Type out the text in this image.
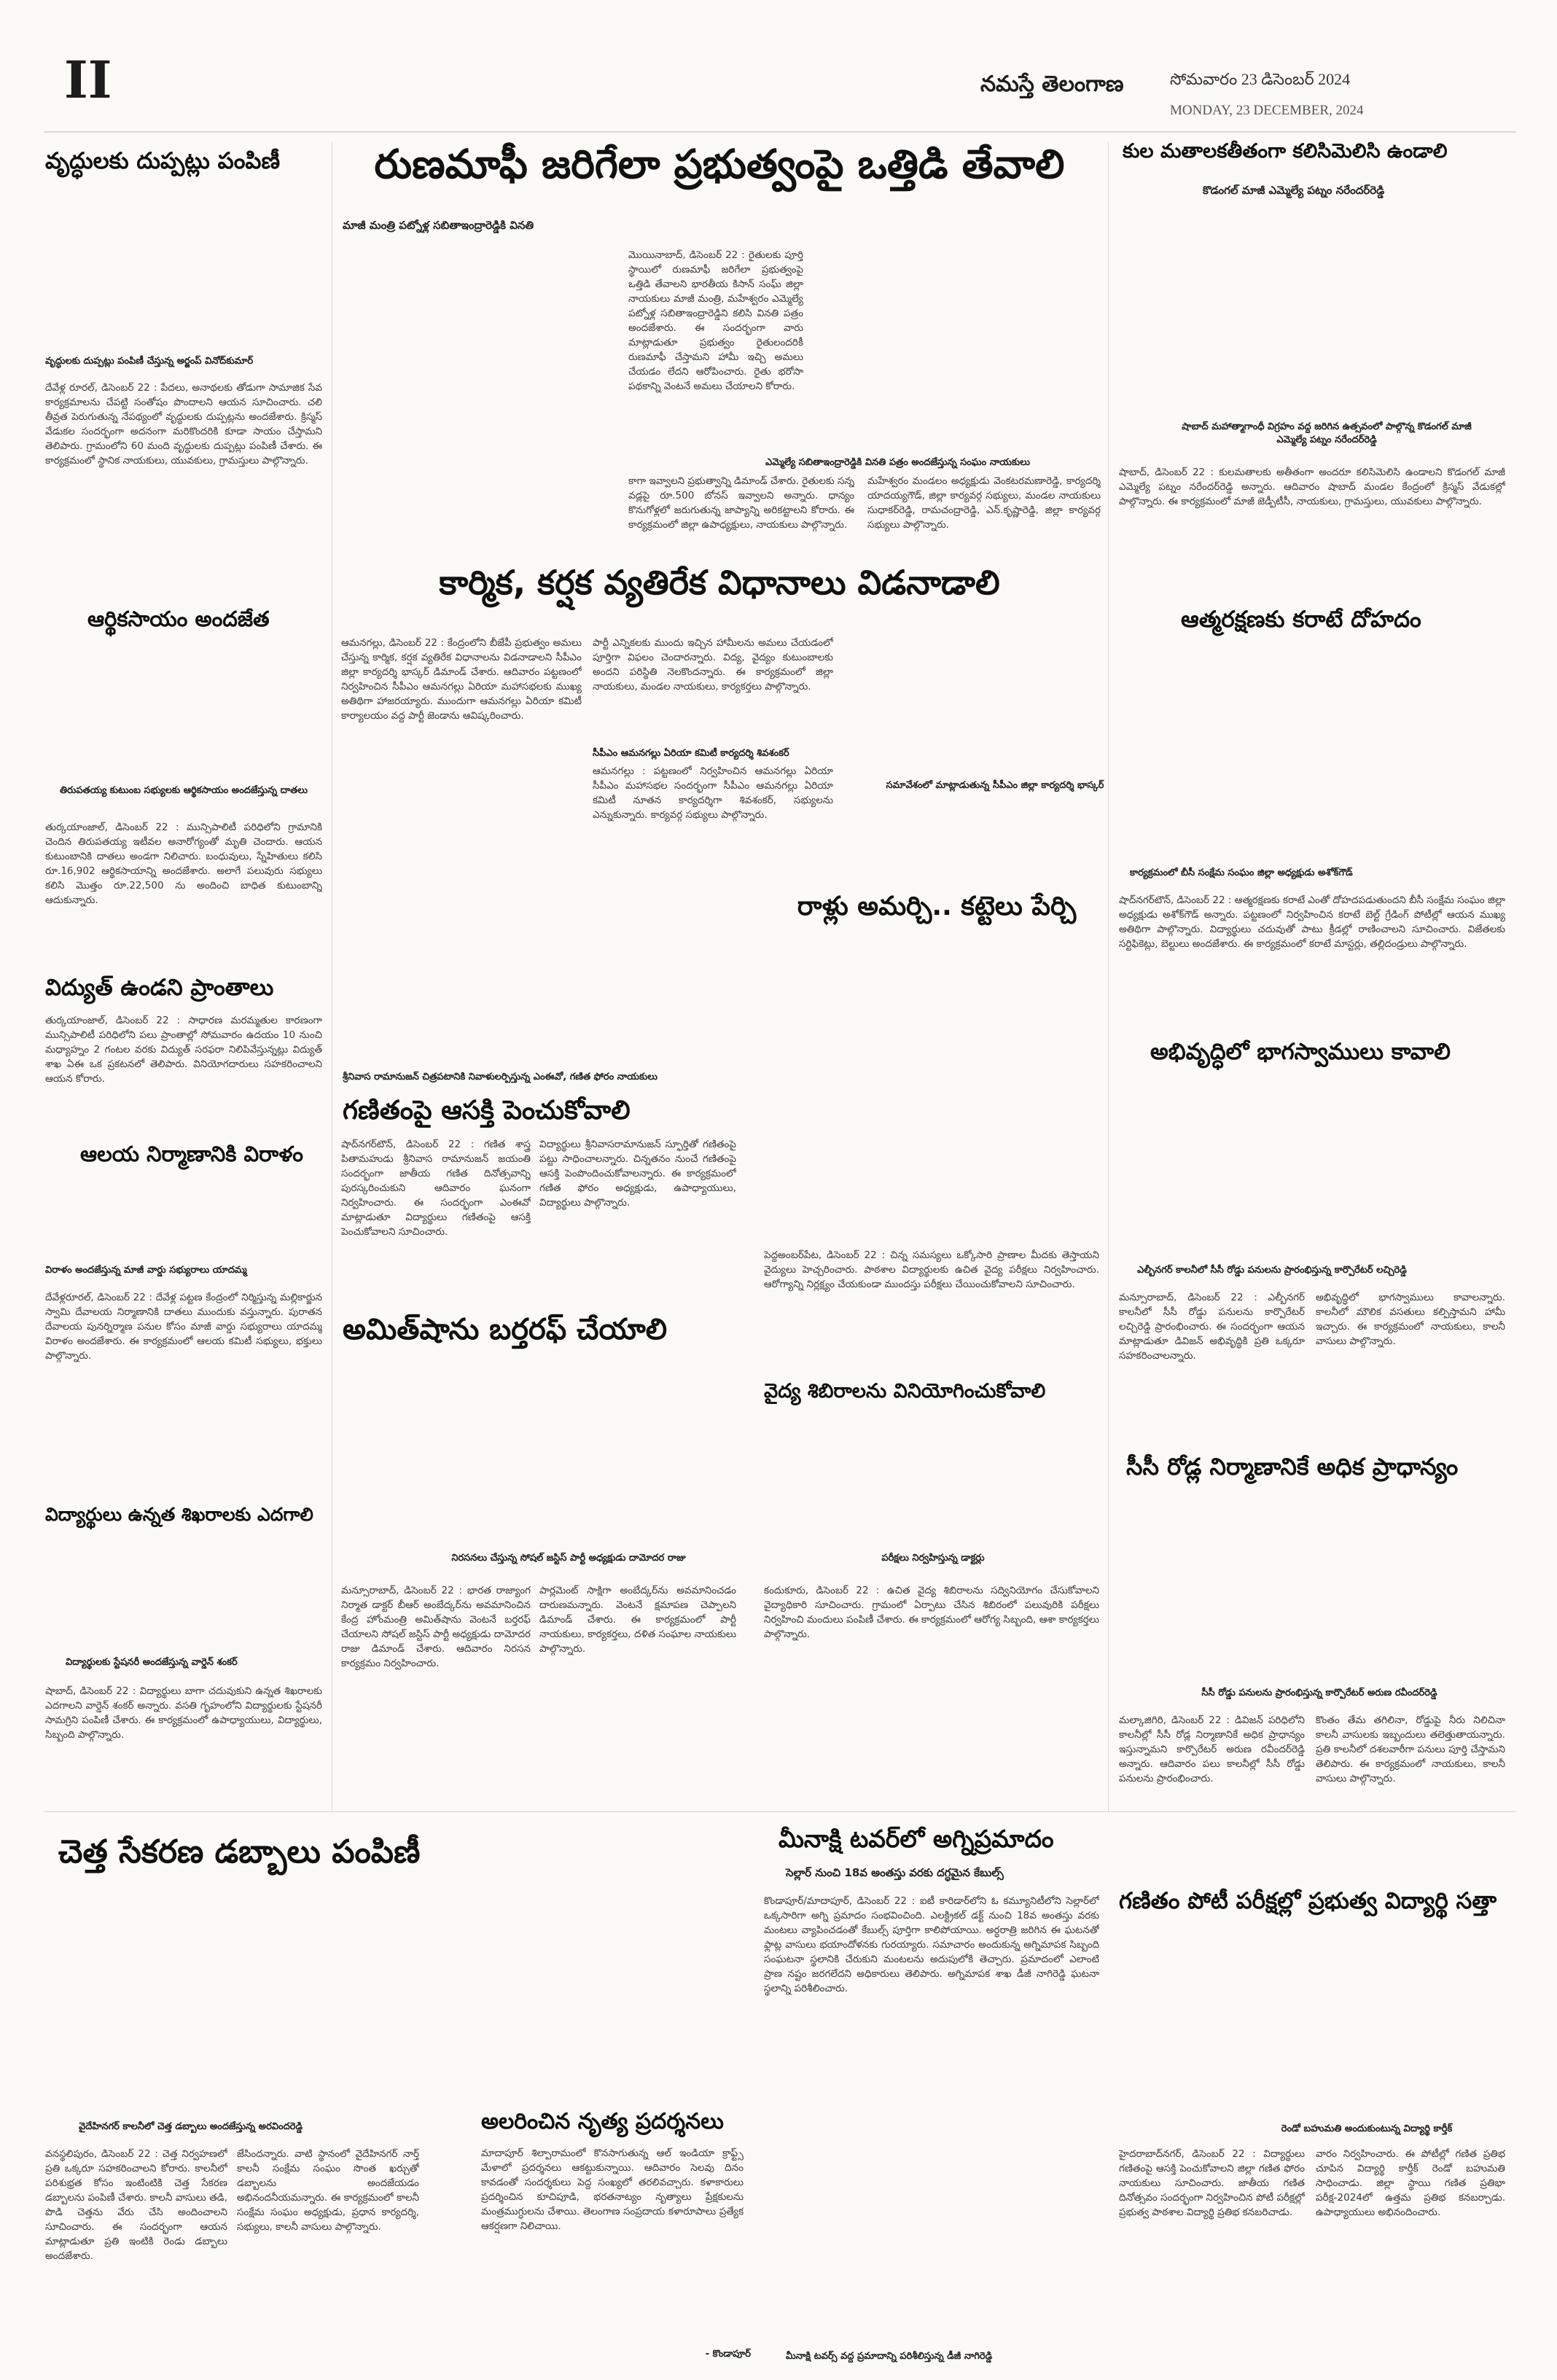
II	నమస్తే తెలంగాణ	సోమవారం 23 డిసెంబర్ 2024
MONDAY, 23 DECEMBER, 2024
వృద్ధులకు దుప్పట్లు పంపిణీ
వృద్ధులకు దుప్పట్లు పంపిణీ చేస్తున్న అర్జంప్ వినోద్‌కుమార్
దేవేళ్ల రూరల్, డిసెంబర్ 22 : పేదలు, అనాథలకు తోడుగా సామాజిక సేవ కార్యక్రమాలను చేపట్టి సంతోషం పొందాలని ఆయన సూచించారు. చలి తీవ్రత పెరుగుతున్న నేపథ్యంలో వృద్ధులకు దుప్పట్లను అందజేశారు. క్రిస్మస్ వేడుకల సందర్భంగా అదనంగా మరికొందరికి కూడా సాయం చేస్తామని తెలిపారు. గ్రామంలోని 60 మంది వృద్ధులకు దుప్పట్లు పంపిణీ చేశారు. ఈ కార్యక్రమంలో స్థానిక నాయకులు, యువకులు, గ్రామస్తులు పాల్గొన్నారు.
ఆర్థికసాయం అందజేత
తిరుపతయ్య కుటుంబ సభ్యులకు ఆర్థికసాయం అందజేస్తున్న దాతలు
తుర్కయాంజాల్, డిసెంబర్ 22 : మున్సిపాలిటీ పరిధిలోని గ్రామానికి చెందిన తిరుపతయ్య ఇటీవల అనారోగ్యంతో మృతి చెందారు. ఆయన కుటుంబానికి దాతలు అండగా నిలిచారు. బంధువులు, స్నేహితులు కలిసి రూ.16,902 ఆర్థికసాయాన్ని అందజేశారు. అలాగే పలువురు సభ్యులు కలిసి మొత్తం రూ.22,500 ను అందించి బాధిత కుటుంబాన్ని ఆదుకున్నారు.
విద్యుత్ ఉండని ప్రాంతాలు
తుర్కయాంజాల్, డిసెంబర్ 22 : సాధారణ మరమ్మతుల కారణంగా మున్సిపాలిటీ పరిధిలోని పలు ప్రాంతాల్లో సోమవారం ఉదయం 10 నుంచి మధ్యాహ్నం 2 గంటల వరకు విద్యుత్ సరఫరా నిలిపివేస్తున్నట్లు విద్యుత్ శాఖ ఏఈ ఒక ప్రకటనలో తెలిపారు. వినియోగదారులు సహకరించాలని ఆయన కోరారు.
ఆలయ నిర్మాణానికి విరాళం
విరాళం అందజేస్తున్న మాజీ వార్డు సభ్యురాలు యాదమ్మ
దేవేళ్లరూరల్, డిసెంబర్ 22 : దేవేళ్ల పట్టణ కేంద్రంలో నిర్మిస్తున్న మల్లికార్జున స్వామి దేవాలయ నిర్మాణానికి దాతలు ముందుకు వస్తున్నారు. పురాతన దేవాలయ పునర్నిర్మాణ పనుల కోసం మాజీ వార్డు సభ్యురాలు యాదమ్మ విరాళం అందజేశారు. ఈ కార్యక్రమంలో ఆలయ కమిటీ సభ్యులు, భక్తులు పాల్గొన్నారు.
విద్యార్థులు ఉన్నత శిఖరాలకు ఎదగాలి
విద్యార్థులకు స్టేషనరీ అందజేస్తున్న వార్డెన్ శంకర్
షాబాద్, డిసెంబర్ 22 : విద్యార్థులు బాగా చదువుకుని ఉన్నత శిఖరాలకు ఎదగాలని వార్డెన్ శంకర్ అన్నారు. వసతి గృహంలోని విద్యార్థులకు స్టేషనరీ సామగ్రిని పంపిణీ చేశారు. ఈ కార్యక్రమంలో ఉపాధ్యాయులు, విద్యార్థులు, సిబ్బంది పాల్గొన్నారు.
రుణమాఫీ జరిగేలా ప్రభుత్వంపై ఒత్తిడి తేవాలి
మాజీ మంత్రి పట్నోళ్ల సబితాఇంద్రారెడ్డికి వినతి
మొయినాబాద్, డిసెంబర్ 22 : రైతులకు పూర్తి స్థాయిలో రుణమాఫీ జరిగేలా ప్రభుత్వంపై ఒత్తిడి తేవాలని భారతీయ కిసాన్ సంఘ్ జిల్లా నాయకులు మాజీ మంత్రి, మహేశ్వరం ఎమ్మెల్యే పట్నోళ్ల సబితాఇంద్రారెడ్డిని కలిసి వినతి పత్రం అందజేశారు. ఈ సందర్భంగా వారు మాట్లాడుతూ ప్రభుత్వం రైతులందరికీ రుణమాఫీ చేస్తామని హామీ ఇచ్చి అమలు చేయడం లేదని ఆరోపించారు. రైతు భరోసా పథకాన్ని వెంటనే అమలు చేయాలని కోరారు.
ఎమ్మెల్యే సబితాఇంద్రారెడ్డికి వినతి పత్రం అందజేస్తున్న సంఘం నాయకులు
కాగా ఇవ్వాలని ప్రభుత్వాన్ని డిమాండ్ చేశారు. రైతులకు సన్న వడ్లపై రూ.500 బోనస్ ఇవ్వాలని అన్నారు. ధాన్యం కొనుగోళ్లలో జరుగుతున్న జాప్యాన్ని అరికట్టాలని కోరారు. ఈ కార్యక్రమంలో జిల్లా ఉపాధ్యక్షులు, నాయకులు పాల్గొన్నారు.
మహేశ్వరం మండలం అధ్యక్షుడు వెంకటరమణారెడ్డి, కార్యదర్శి యాదయ్యగౌడ్, జిల్లా కార్యవర్గ సభ్యులు, మండల నాయకులు సుధాకర్‌రెడ్డి, రామచంద్రారెడ్డి, ఎన్.కృష్ణారెడ్డి, జిల్లా కార్యవర్గ సభ్యులు పాల్గొన్నారు.
కార్మిక, కర్షక వ్యతిరేక విధానాలు విడనాడాలి
ఆమనగల్లు, డిసెంబర్ 22 : కేంద్రంలోని బీజేపీ ప్రభుత్వం అమలు చేస్తున్న కార్మిక, కర్షక వ్యతిరేక విధానాలను విడనాడాలని సీపీఎం జిల్లా కార్యదర్శి భాస్కర్ డిమాండ్ చేశారు. ఆదివారం పట్టణంలో నిర్వహించిన సీపీఎం ఆమనగల్లు ఏరియా మహాసభలకు ముఖ్య అతిథిగా హాజరయ్యారు. ముందుగా ఆమనగల్లు ఏరియా కమిటీ కార్యాలయం వద్ద పార్టీ జెండాను ఆవిష్కరించారు.
పార్టీ ఎన్నికలకు ముందు ఇచ్చిన హామీలను అమలు చేయడంలో పూర్తిగా విఫలం చెందారన్నారు. విద్య, వైద్యం కుటుంబాలకు అందని పరిస్థితి నెలకొందన్నారు. ఈ కార్యక్రమంలో జిల్లా నాయకులు, మండల నాయకులు, కార్యకర్తలు పాల్గొన్నారు.
సీపీఎం ఆమనగల్లు ఏరియా కమిటీ కార్యదర్శి శివశంకర్
ఆమనగల్లు : పట్టణంలో నిర్వహించిన ఆమనగల్లు ఏరియా సీపీఎం మహాసభల సందర్భంగా సీపీఎం ఆమనగల్లు ఏరియా కమిటీ నూతన కార్యదర్శిగా శివశంకర్, సభ్యులను ఎన్నుకున్నారు. కార్యవర్గ సభ్యులు పాల్గొన్నారు.
సమావేశంలో మాట్లాడుతున్న సీపీఎం జిల్లా కార్యదర్శి భాస్కర్
రాళ్లు అమర్చి.. కట్టెలు పేర్చి
శ్రీనివాస రామానుజన్ చిత్రపటానికి నివాళులర్పిస్తున్న ఎంఈవో, గణిత ఫోరం నాయకులు
గణితంపై ఆసక్తి పెంచుకోవాలి
షాద్‌నగర్‌టౌన్, డిసెంబర్ 22 : గణిత శాస్త్ర పితామహుడు శ్రీనివాస రామానుజన్ జయంతి సందర్భంగా జాతీయ గణిత దినోత్సవాన్ని పురస్కరించుకుని ఆదివారం ఘనంగా నిర్వహించారు. ఈ సందర్భంగా ఎంఈవో మాట్లాడుతూ విద్యార్థులు గణితంపై ఆసక్తి పెంచుకోవాలని సూచించారు.
విద్యార్థులు శ్రీనివాసరామానుజన్ స్ఫూర్తితో గణితంపై పట్టు సాధించాలన్నారు. చిన్నతనం నుంచే గణితంపై ఆసక్తి పెంపొందించుకోవాలన్నారు. ఈ కార్యక్రమంలో గణిత ఫోరం అధ్యక్షుడు, ఉపాధ్యాయులు, విద్యార్థులు పాల్గొన్నారు.
అమిత్‌షాను బర్తరఫ్ చేయాలి
నిరసనలు చేస్తున్న సోషల్ జస్టిస్ పార్టీ అధ్యక్షుడు దామోదర రాజు
మన్సూరాబాద్, డిసెంబర్ 22 : భారత రాజ్యాంగ నిర్మాత డాక్టర్ బీఆర్ అంబేద్కర్‌ను అవమానించిన కేంద్ర హోంమంత్రి అమిత్‌షాను వెంటనే బర్తరఫ్ చేయాలని సోషల్ జస్టిస్ పార్టీ అధ్యక్షుడు దామోదర రాజు డిమాండ్ చేశారు. ఆదివారం నిరసన కార్యక్రమం నిర్వహించారు.
పార్లమెంట్ సాక్షిగా అంబేద్కర్‌ను అవమానించడం దారుణమన్నారు. వెంటనే క్షమాపణ చెప్పాలని డిమాండ్ చేశారు. ఈ కార్యక్రమంలో పార్టీ నాయకులు, కార్యకర్తలు, దళిత సంఘాల నాయకులు పాల్గొన్నారు.
పెద్దఅంబర్‌పేట, డిసెంబర్ 22 : చిన్న సమస్యలు ఒక్కోసారి ప్రాణాల మీదకు తెస్తాయని వైద్యులు హెచ్చరించారు. పాఠశాల విద్యార్థులకు ఉచిత వైద్య పరీక్షలు నిర్వహించారు. ఆరోగ్యాన్ని నిర్లక్ష్యం చేయకుండా ముందస్తు పరీక్షలు చేయించుకోవాలని సూచించారు.
వైద్య శిబిరాలను వినియోగించుకోవాలి
పరీక్షలు నిర్వహిస్తున్న డాక్టర్లు
కందుకూరు, డిసెంబర్ 22 : ఉచిత వైద్య శిబిరాలను సద్వినియోగం చేసుకోవాలని వైద్యాధికారి సూచించారు. గ్రామంలో ఏర్పాటు చేసిన శిబిరంలో పలువురికి పరీక్షలు నిర్వహించి మందులు పంపిణీ చేశారు. ఈ కార్యక్రమంలో ఆరోగ్య సిబ్బంది, ఆశా కార్యకర్తలు పాల్గొన్నారు.
చెత్త సేకరణ డబ్బాలు పంపిణీ
వైదేహినగర్ కాలనీలో చెత్త డబ్బాలు అందజేస్తున్న అరవిందరెడ్డి
వనస్థలిపురం, డిసెంబర్ 22 : చెత్త నిర్వహణలో ప్రతి ఒక్కరూ సహకరించాలని కోరారు. కాలనీలో పరిశుభ్రత కోసం ఇంటింటికి చెత్త సేకరణ డబ్బాలను పంపిణీ చేశారు. కాలనీ వాసులు తడి, పొడి చెత్తను వేరు చేసి అందించాలని సూచించారు. ఈ సందర్భంగా ఆయన మాట్లాడుతూ ప్రతి ఇంటికి రెండు డబ్బాలు అందజేశారు.
జేసిందన్నారు. వాటి స్థానంలో వైదేహినగర్ నార్త్ కాలనీ సంక్షేమ సంఘం సొంత ఖర్చుతో డబ్బాలను అందజేయడం అభినందనీయమన్నారు. ఈ కార్యక్రమంలో కాలనీ సంక్షేమ సంఘం అధ్యక్షుడు, ప్రధాన కార్యదర్శి, సభ్యులు, కాలనీ వాసులు పాల్గొన్నారు.
అలరించిన నృత్య ప్రదర్శనలు
మాదాపూర్ శిల్పారామంలో కొనసాగుతున్న ఆల్ ఇండియా క్రాఫ్ట్స్ మేళాలో ప్రదర్శనలు ఆకట్టుకున్నాయి. ఆదివారం సెలవు దినం కావడంతో సందర్శకులు పెద్ద సంఖ్యలో తరలివచ్చారు. కళాకారులు ప్రదర్శించిన కూచిపూడి, భరతనాట్యం నృత్యాలు ప్రేక్షకులను మంత్రముగ్ధులను చేశాయి. తెలంగాణ సంప్రదాయ కళారూపాలు ప్రత్యేక ఆకర్షణగా నిలిచాయి.
- కొండాపూర్
మీనాక్షి టవర్‌లో అగ్నిప్రమాదం
సెల్లార్ నుంచి 18వ అంతస్తు వరకు దగ్ధమైన కేబుల్స్
కొండాపూర్/మాదాపూర్, డిసెంబర్ 22 : ఐటీ కారిడార్‌లోని ఓ కమ్యూనిటీలోని సెల్లార్‌లో ఒక్కసారిగా అగ్ని ప్రమాదం సంభవించింది. ఎలక్ట్రికల్ డక్ట్ నుంచి 18వ అంతస్తు వరకు మంటలు వ్యాపించడంతో కేబుల్స్ పూర్తిగా కాలిపోయాయి. అర్ధరాత్రి జరిగిన ఈ ఘటనతో ఫ్లాట్ల వాసులు భయాందోళనకు గురయ్యారు. సమాచారం అందుకున్న అగ్నిమాపక సిబ్బంది సంఘటనా స్థలానికి చేరుకుని మంటలను అదుపులోకి తెచ్చారు. ప్రమాదంలో ఎలాంటి ప్రాణ నష్టం జరగలేదని అధికారులు తెలిపారు. అగ్నిమాపక శాఖ డీజీ నాగిరెడ్డి ఘటనా స్థలాన్ని పరిశీలించారు.
మీనాక్షి టవర్స్ వద్ద ప్రమాదాన్ని పరిశీలిస్తున్న డీజీ నాగిరెడ్డి
కుల మతాలకతీతంగా కలిసిమెలిసి ఉండాలి
కొడంగల్ మాజీ ఎమ్మెల్యే పట్నం నరేందర్‌రెడ్డి
షాబాద్ మహాత్మాగాంధీ విగ్రహం వద్ద జరిగిన ఉత్సవంలో పాల్గొన్న కొడంగల్ మాజీ ఎమ్మెల్యే పట్నం నరేందర్‌రెడ్డి
షాబాద్, డిసెంబర్ 22 : కులమతాలకు అతీతంగా అందరూ కలిసిమెలిసి ఉండాలని కొడంగల్ మాజీ ఎమ్మెల్యే పట్నం నరేందర్‌రెడ్డి అన్నారు. ఆదివారం షాబాద్ మండల కేంద్రంలో క్రిస్మస్ వేడుకల్లో పాల్గొన్నారు. ఈ కార్యక్రమంలో మాజీ జెడ్పీటీసీ, నాయకులు, గ్రామస్తులు, యువకులు పాల్గొన్నారు.
ఆత్మరక్షణకు కరాటే దోహదం
కార్యక్రమంలో బీసీ సంక్షేమ సంఘం జిల్లా అధ్యక్షుడు అశోక్‌గౌడ్
షాద్‌నగర్‌టౌన్, డిసెంబర్ 22 : ఆత్మరక్షణకు కరాటే ఎంతో దోహదపడుతుందని బీసీ సంక్షేమ సంఘం జిల్లా అధ్యక్షుడు అశోక్‌గౌడ్ అన్నారు. పట్టణంలో నిర్వహించిన కరాటే బెల్ట్ గ్రేడింగ్ పోటీల్లో ఆయన ముఖ్య అతిథిగా పాల్గొన్నారు. విద్యార్థులు చదువుతో పాటు క్రీడల్లో రాణించాలని సూచించారు. విజేతలకు సర్టిఫికెట్లు, బెల్టులు అందజేశారు. ఈ కార్యక్రమంలో కరాటే మాస్టర్లు, తల్లిదండ్రులు పాల్గొన్నారు.
అభివృద్ధిలో భాగస్వాములు కావాలి
ఎల్బీనగర్ కాలనీలో సీసీ రోడ్డు పనులను ప్రారంభిస్తున్న కార్పొరేటర్ లచ్చిరెడ్డి
మన్సూరాబాద్, డిసెంబర్ 22 : ఎల్బీనగర్ కాలనీలో సీసీ రోడ్డు పనులను కార్పొరేటర్ లచ్చిరెడ్డి ప్రారంభించారు. ఈ సందర్భంగా ఆయన మాట్లాడుతూ డివిజన్ అభివృద్ధికి ప్రతి ఒక్కరూ సహకరించాలన్నారు.
అభివృద్ధిలో భాగస్వాములు కావాలన్నారు. కాలనీలో మౌలిక వసతులు కల్పిస్తామని హామీ ఇచ్చారు. ఈ కార్యక్రమంలో నాయకులు, కాలనీ వాసులు పాల్గొన్నారు.
సీసీ రోడ్ల నిర్మాణానికే అధిక ప్రాధాన్యం
సీసీ రోడ్డు పనులను ప్రారంభిస్తున్న కార్పొరేటర్ అరుణ రవీందర్‌రెడ్డి
మల్కాజిగిరి, డిసెంబర్ 22 : డివిజన్ పరిధిలోని కాలనీల్లో సీసీ రోడ్ల నిర్మాణానికే అధిక ప్రాధాన్యం ఇస్తున్నామని కార్పొరేటర్ అరుణ రవీందర్‌రెడ్డి అన్నారు. ఆదివారం పలు కాలనీల్లో సీసీ రోడ్డు పనులను ప్రారంభించారు.
కొంతం తేమ తగిలినా, రోడ్డుపై నీరు నిలిచినా కాలనీ వాసులకు ఇబ్బందులు తలెత్తుతాయన్నారు. ప్రతి కాలనీలో దశలవారీగా పనులు పూర్తి చేస్తామని తెలిపారు. ఈ కార్యక్రమంలో నాయకులు, కాలనీ వాసులు పాల్గొన్నారు.
గణితం పోటీ పరీక్షల్లో ప్రభుత్వ విద్యార్థి సత్తా
రెండో బహుమతి అందుకుంటున్న విద్యార్థి కార్తీక్
హైదరాబాద్‌నగర్, డిసెంబర్ 22 : విద్యార్థులు గణితంపై ఆసక్తి పెంచుకోవాలని జిల్లా గణిత ఫోరం నాయకులు సూచించారు. జాతీయ గణిత దినోత్సవం సందర్భంగా నిర్వహించిన పోటీ పరీక్షల్లో ప్రభుత్వ పాఠశాల విద్యార్థి ప్రతిభ కనబరిచాడు.
వారం నిర్వహించారు. ఈ పోటీల్లో గణిత ప్రతిభ చూపిన విద్యార్థి కార్తీక్ రెండో బహుమతి సాధించాడు. జిల్లా స్థాయి గణిత ప్రతిభా పరీక్ష-2024లో ఉత్తమ ప్రతిభ కనబర్చాడు. ఉపాధ్యాయులు అభినందించారు.
